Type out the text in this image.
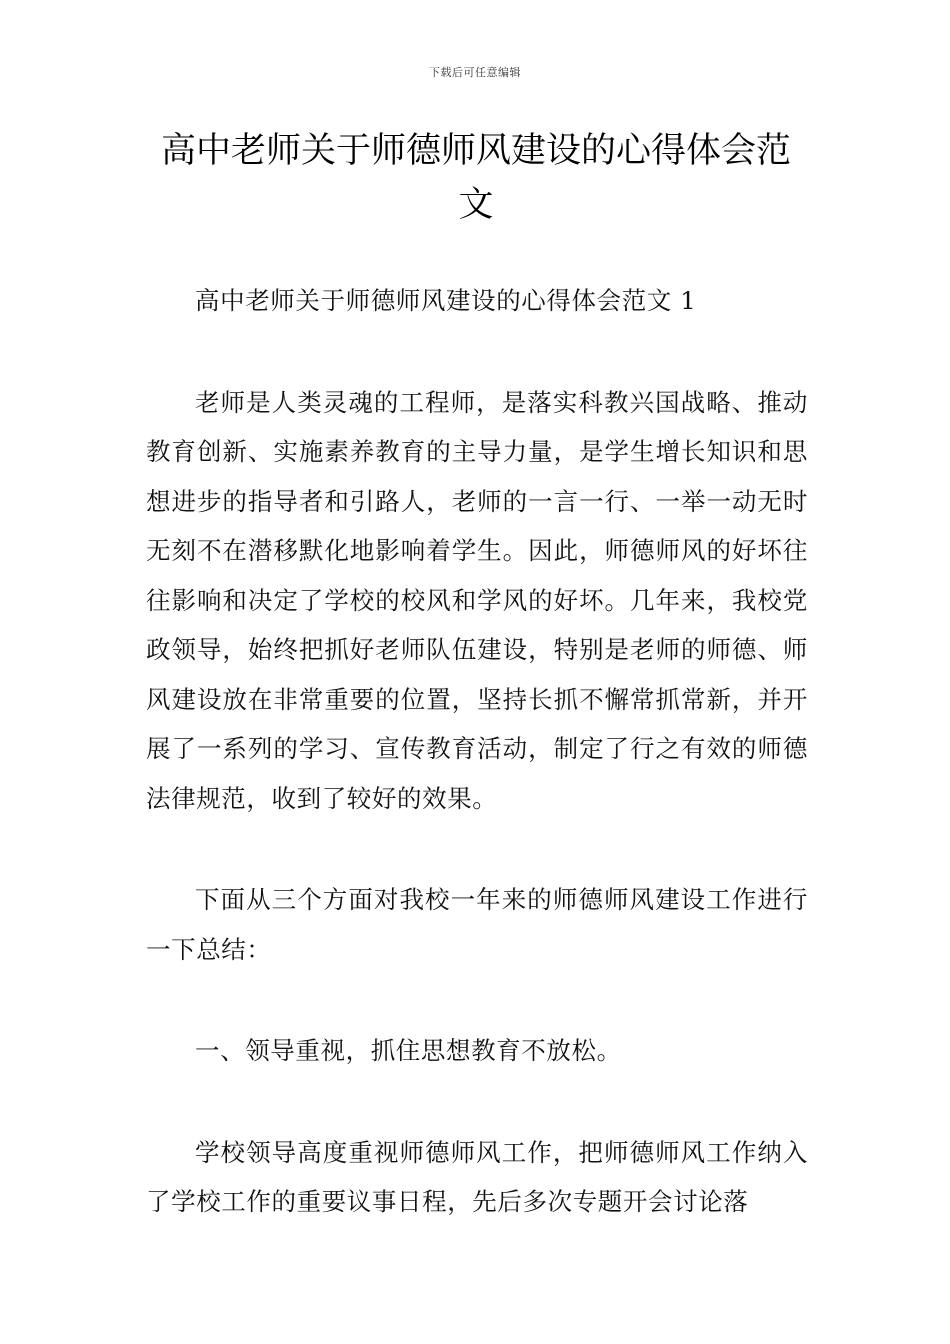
下载后可任意编辑
高中老师关于师德师风建设的心得体会范文

高中老师关于师德师风建设的心得体会范文 1

老师是人类灵魂的工程师，是落实科教兴国战略、推动教育创新、实施素养教育的主导力量，是学生增长知识和思想进步的指导者和引路人，老师的一言一行、一举一动无时无刻不在潜移默化地影响着学生。因此，师德师风的好坏往往影响和决定了学校的校风和学风的好坏。几年来，我校党政领导，始终把抓好老师队伍建设，特别是老师的师德、师风建设放在非常重要的位置，坚持长抓不懈常抓常新，并开展了一系列的学习、宣传教育活动，制定了行之有效的师德法律规范，收到了较好的效果。

下面从三个方面对我校一年来的师德师风建设工作进行一下总结：

一、领导重视，抓住思想教育不放松。

学校领导高度重视师德师风工作，把师德师风工作纳入了学校工作的重要议事日程，先后多次专题开会讨论落
